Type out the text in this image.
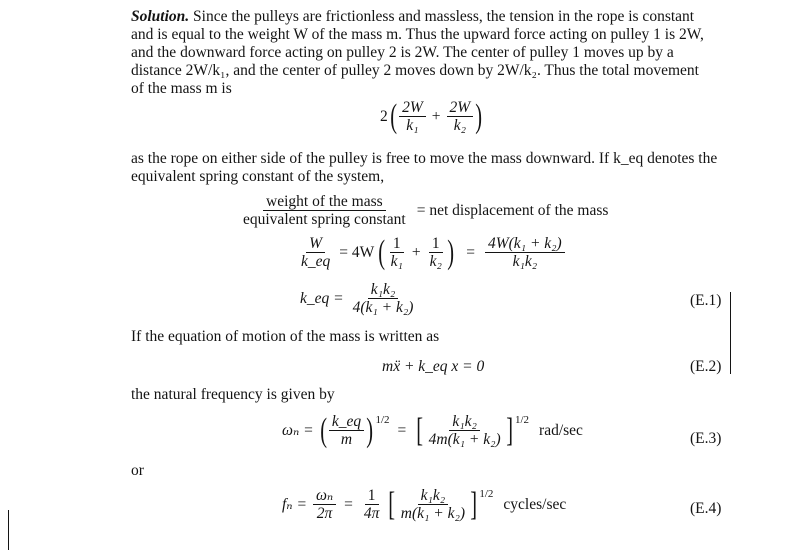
Solution. Since the pulleys are frictionless and massless, the tension in the rope is constant
and is equal to the weight W of the mass m. Thus the upward force acting on pulley 1 is 2W,
and the downward force acting on pulley 2 is 2W. The center of pulley 1 moves up by a
distance 2W/k₁, and the center of pulley 2 moves down by 2W/k₂. Thus the total movement
of the mass m is
2 ( $\frac{2W}{\text{k₁}} + \frac{2W}{\text{k₂}}$ )
as the rope on either side of the pulley is free to move the mass downward. If k_eq denotes the
equivalent spring constant of the system,
$\frac{\text{weight of the mass}}{\text{equivalent spring constant}}$ = net displacement of the mass
$\frac{W}{k\_eq} = 4W$ ( $\frac{1}{\text{k₁}} + \frac{1}{\text{k₂}}$ ) = $\frac{\text{4W(k₁ + k₂)}}{\text{k₁k₂}}$
k_eq = $\frac{\text{k₁k₂}}{\text{4(k₁ + k₂)}}$	(E.1)
If the equation of motion of the mass is written as
mẍ + k_eq x = 0	(E.2)
the natural frequency is given by
ωₙ = ( $\frac{k\_eq}{m}$ ) 1/2
= [ $\frac{\text{k₁k₂}}{\text{4m(k₁ + k₂)}}$ ] 1/2
rad/sec	(E.3)
or
$f_n = \frac{\text{ωₙ}}{2\pi} = \frac{1}{4\pi}$ [ $\frac{\text{k₁k₂}}{\text{m(k₁ + k₂)}}$ ] 1/2
cycles/sec	(E.4)
